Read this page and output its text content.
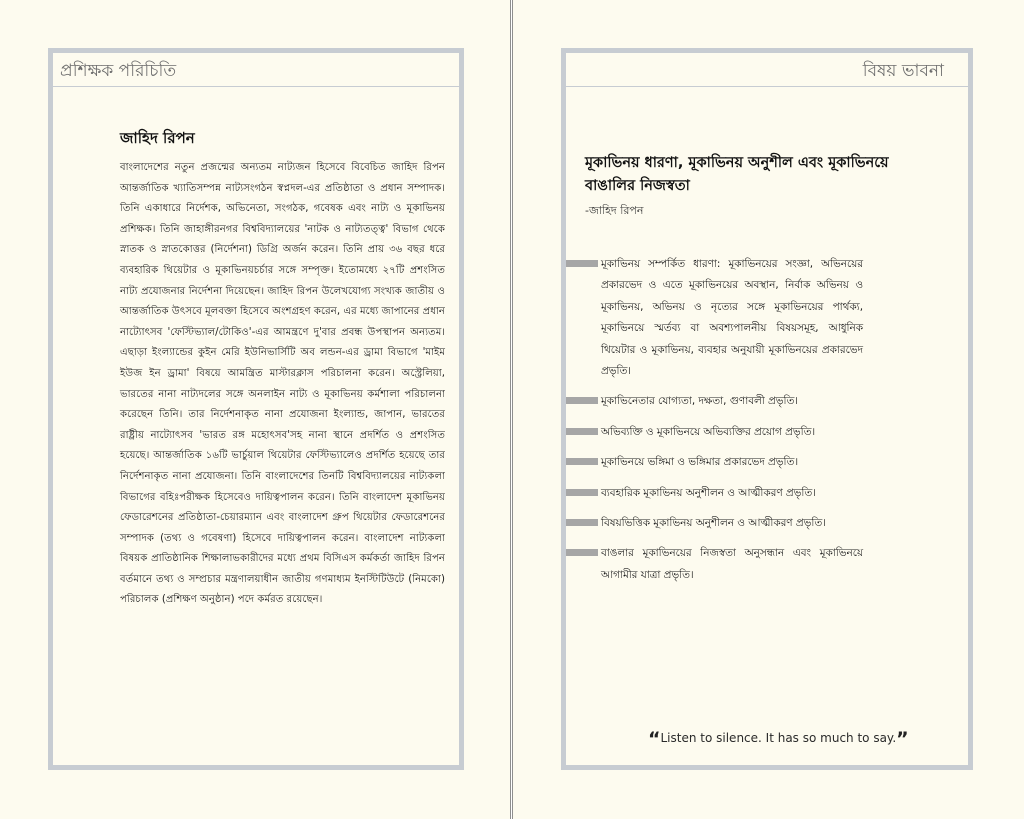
প্রশিক্ষক পরিচিতি
জাহিদ রিপন

বাংলাদেশের নতুন প্রজন্মের অন্যতম নাট্যজন হিসেবে বিবেচিত জাহিদ রিপন আন্তর্জাতিক খ্যাতিসম্পন্ন নাট্যসংগঠন স্বপ্নদল-এর প্রতিষ্ঠাতা ও প্রধান সম্পাদক। তিনি একাধারে নির্দেশক, অভিনেতা, সংগঠক, গবেষক এবং নাট্য ও মূকাভিনয় প্রশিক্ষক। তিনি জাহাঙ্গীরনগর বিশ্ববিদ্যালয়ের 'নাটক ও নাট্যতত্ত্ব' বিভাগ থেকে স্নাতক ও স্নাতকোত্তর (নির্দেশনা) ডিগ্রি অর্জন করেন। তিনি প্রায় ৩৬ বছর ধরে ব্যবহারিক থিয়েটার ও মূকাভিনয়চর্চার সঙ্গে সম্পৃক্ত। ইতোমধ্যে ২৭টি প্রশংসিত নাট্য প্রযোজনার নির্দেশনা দিয়েছেন। জাহিদ রিপন উলেখযোগ্য সংখ্যক জাতীয় ও আন্তর্জাতিক উৎসবে মূলবক্তা হিসেবে অংশগ্রহণ করেন, এর মধ্যে জাপানের প্রধান নাট্যোৎসব 'ফেস্টিভ্যাল/টোকিও'-এর আমন্ত্রণে দু'বার প্রবন্ধ উপস্থাপন অন্যতম। এছাড়া ইংল্যান্ডের কুইন মেরি ইউনিভার্সিটি অব লন্ডন-এর ড্রামা বিভাগে 'মাইম ইউজ ইন ড্রামা' বিষয়ে আমন্ত্রিত মাস্টারক্লাস পরিচালনা করেন। অস্ট্রেলিয়া, ভারতের নানা নাট্যদলের সঙ্গে অনলাইন নাট্য ও মূকাভিনয় কর্মশালা পরিচালনা করেছেন তিনি। তার নির্দেশনাকৃত নানা প্রযোজনা ইংল্যান্ড, জাপান, ভারতের রাষ্ট্রীয় নাট্যোৎসব 'ভারত রঙ্গ মহোৎসব'সহ নানা স্থানে প্রদর্শিত ও প্রশংসিত হয়েছে। আন্তর্জাতিক ১৬টি ভার্চুয়াল থিয়েটার ফেস্টিভ্যালেও প্রদর্শিত হয়েছে তার নির্দেশনাকৃত নানা প্রযোজনা। তিনি বাংলাদেশের তিনটি বিশ্ববিদ্যালয়ের নাট্যকলা বিভাগের বহিঃপরীক্ষক হিসেবেও দায়িত্বপালন করেন। তিনি বাংলাদেশ মূকাভিনয় ফেডারেশনের প্রতিষ্ঠাতা-চেয়ারম্যান এবং বাংলাদেশ গ্রুপ থিয়েটার ফেডারেশনের সম্পাদক (তথ্য ও গবেষণা) হিসেবে দায়িত্বপালন করেন। বাংলাদেশ নাট্যকলা বিষয়ক প্রাতিষ্ঠানিক শিক্ষালাভকারীদের মধ্যে প্রথম বিসিএস কর্মকর্তা জাহিদ রিপন বর্তমানে তথ্য ও সম্প্রচার মন্ত্রণালয়াধীন জাতীয় গণমাধ্যম ইনস্টিটিউটে (নিমকো) পরিচালক (প্রশিক্ষণ অনুষ্ঠান) পদে কর্মরত রয়েছেন।

বিষয় ভাবনা
মূকাভিনয় ধারণা, মূকাভিনয় অনুশীল এবং মূকাভিনয়ে বাঙালির নিজস্বতা
-জাহিদ রিপন
মূকাভিনয় সম্পর্কিত ধারণা: মূকাভিনয়ের সংজ্ঞা, অভিনয়ের প্রকারভেদ ও এতে মূকাভিনয়ের অবস্থান, নির্বাক অভিনয় ও মূকাভিনয়, অভিনয় ও নৃত্যের সঙ্গে মূকাভিনয়ের পার্থক্য, মূকাভিনয়ে স্মর্তব্য বা অবশ্যপালনীয় বিষয়সমূহ, আধুনিক থিয়েটার ও মূকাভিনয়, ব্যবহার অনুযায়ী মূকাভিনয়ের প্রকারভেদ প্রভৃতি।
মূকাভিনেতার যোগ্যতা, দক্ষতা, গুণাবলী প্রভৃতি।
অভিব্যক্তি ও মূকাভিনয়ে অভিব্যক্তির প্রয়োগ প্রভৃতি।
মূকাভিনয়ে ভঙ্গিমা ও ভঙ্গিমার প্রকারভেদ প্রভৃতি।
ব্যবহারিক মূকাভিনয় অনুশীলন ও আত্মীকরণ প্রভৃতি।
বিষয়ভিত্তিক মূকাভিনয় অনুশীলন ও আত্মীকরণ প্রভৃতি।
বাঙলার মূকাভিনয়ের নিজস্বতা অনুসন্ধান এবং মূকাভিনয়ে আগামীর যাত্রা প্রভৃতি।
“Listen to silence. It has so much to say.”
